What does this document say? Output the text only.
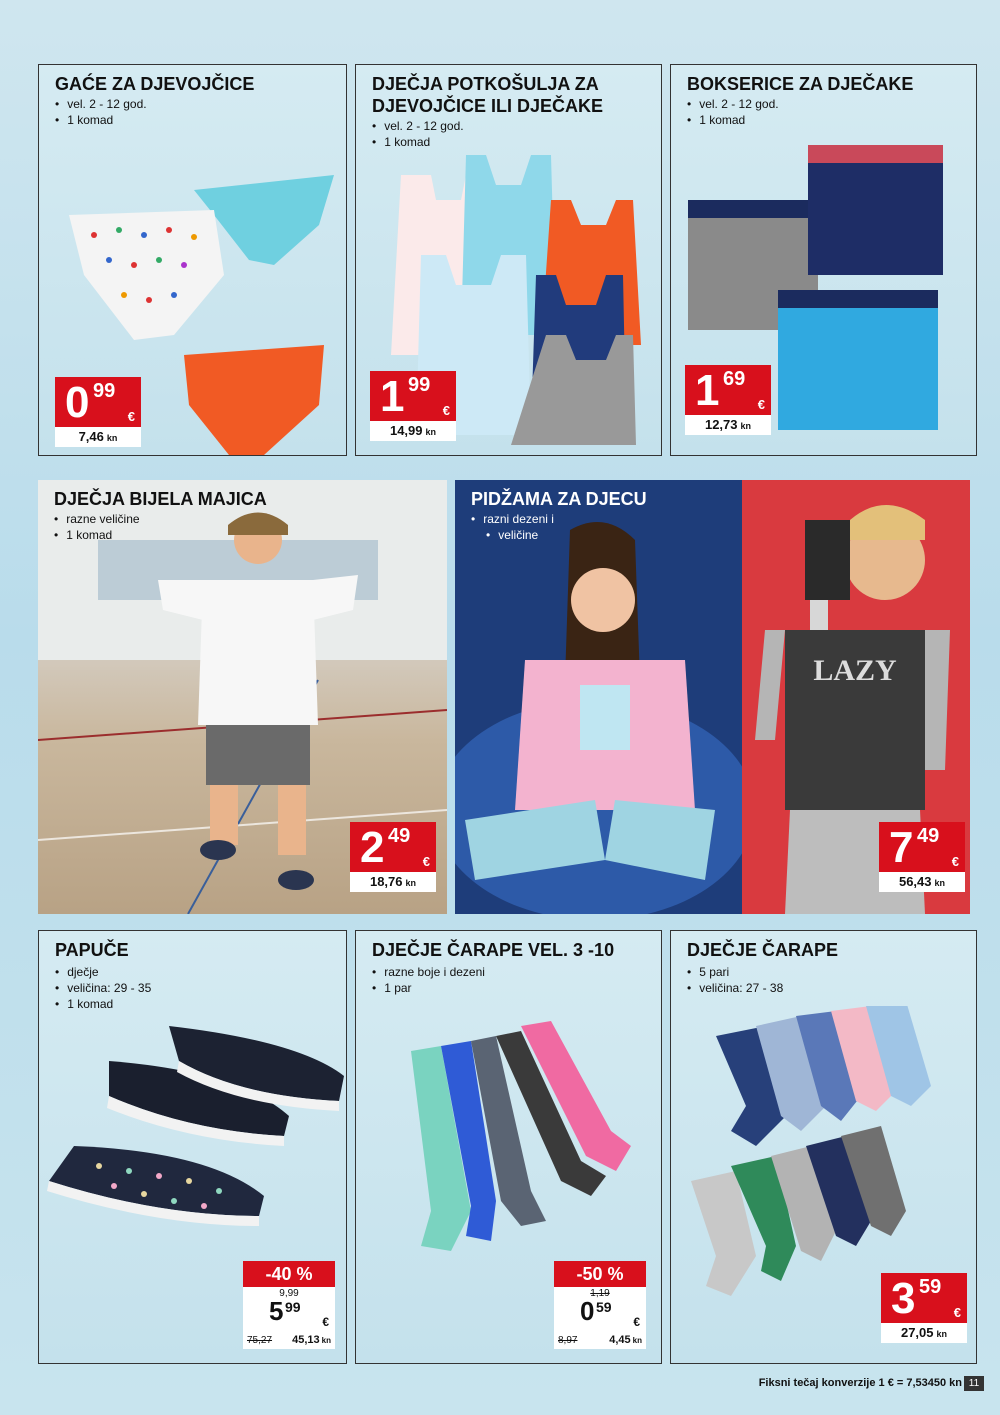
GAĆE ZA DJEVOJČICE
• vel. 2 - 12 god.
• 1 komad
0 99
€
7,46 kn
DJEČJA POTKOŠULJA ZA
DJEVOJČICE ILI DJEČAKE
• vel. 2 - 12 god.
• 1 komad
1 99
€
14,99 kn
BOKSERICE ZA DJEČAKE
• vel. 2 - 12 god.
• 1 komad
1 69
€
12,73 kn
DJEČJA BIJELA MAJICA
• razne veličine
• 1 komad
2 49
€
18,76 kn
LAZY
PIDŽAMA ZA DJECU
• razni dezeni i
• veličine
7 49
€
56,43 kn
PAPUČE
• dječje
• veličina: 29 - 35
• 1 komad
-40 %
9,99
5 99
€
75,27 45,13 kn
DJEČJE ČARAPE VEL. 3 -10
• razne boje i dezeni
• 1 par
-50 %
1,19
0 59
€
8,97	4,45 kn
DJEČJE ČARAPE
• 5 pari
• veličina: 27 - 38
3 59
€
27,05 kn
Fiksni tečaj konverzije 1 € = 7,53450 kn 11
